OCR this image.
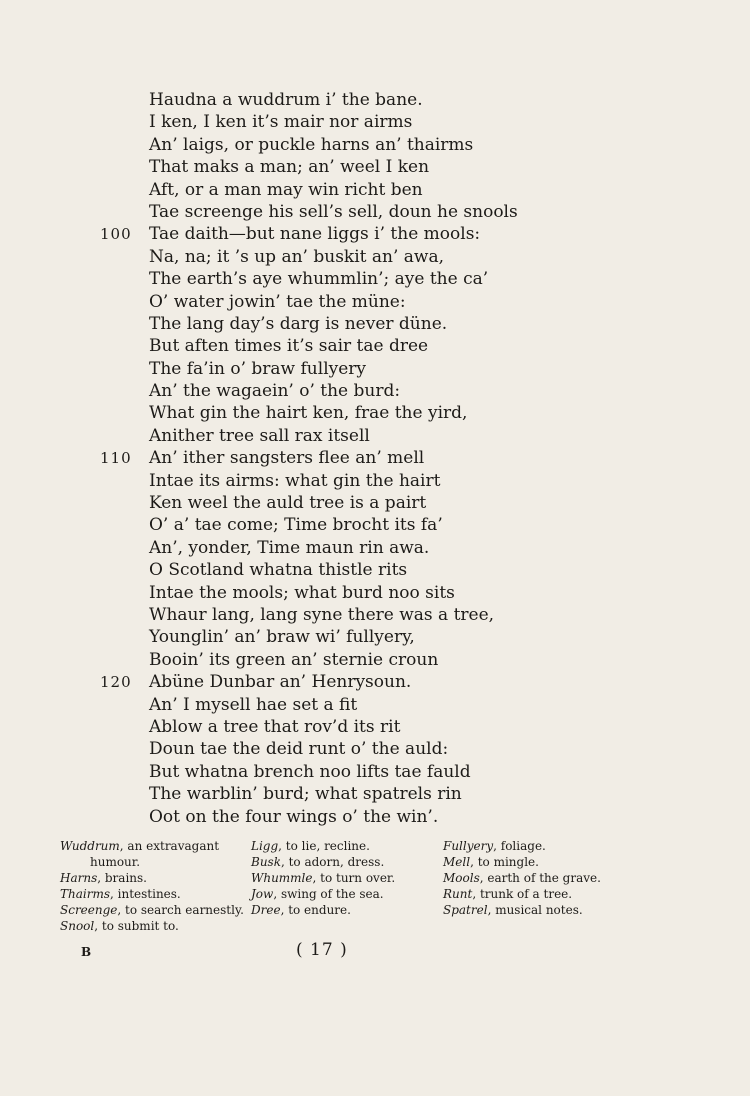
Haudna a wuddrum i’ the bane.
I ken, I ken it’s mair nor airms
An’ laigs, or puckle harns an’ thairms
That maks a man; an’ weel I ken
Aft, or a man may win richt ben
Tae screenge his sell’s sell, doun he snools
100	Tae daith—but nane liggs i’ the mools:
Na, na; it ’s up an’ buskit an’ awa,
The earth’s aye whummlin’; aye the ca’
O’ water jowin’ tae the müne:
The lang day’s darg is never düne.
But aften times it’s sair tae dree
The fa’in o’ braw fullyery
An’ the wagaein’ o’ the burd:
What gin the hairt ken, frae the yird,
Anither tree sall rax itsell
110	An’ ither sangsters flee an’ mell
Intae its airms: what gin the hairt
Ken weel the auld tree is a pairt
O’ a’ tae come; Time brocht its fa’
An’, yonder, Time maun rin awa.
O Scotland whatna thistle rits
Intae the mools; what burd noo sits
Whaur lang, lang syne there was a tree,
Younglin’ an’ braw wi’ fullyery,
Booin’ its green an’ sternie croun
120	Abüne Dunbar an’ Henrysoun.
An’ I mysell hae set a fit
Ablow a tree that rov’d its rit
Doun tae the deid runt o’ the auld:
But whatna brench noo lifts tae fauld
The warblin’ burd; what spatrels rin
Oot on the four wings o’ the win’.
Wuddrum, an extravagant
humour.
Harns, brains.
Thairms, intestines.
Screenge, to search earnestly.
Snool, to submit to.
Ligg, to lie, recline.
Busk, to adorn, dress.
Whummle, to turn over.
Jow, swing of the sea.
Dree, to endure.
Fullyery, foliage.
Mell, to mingle.
Mools, earth of the grave.
Runt, trunk of a tree.
Spatrel, musical notes.
B	( 17 )
